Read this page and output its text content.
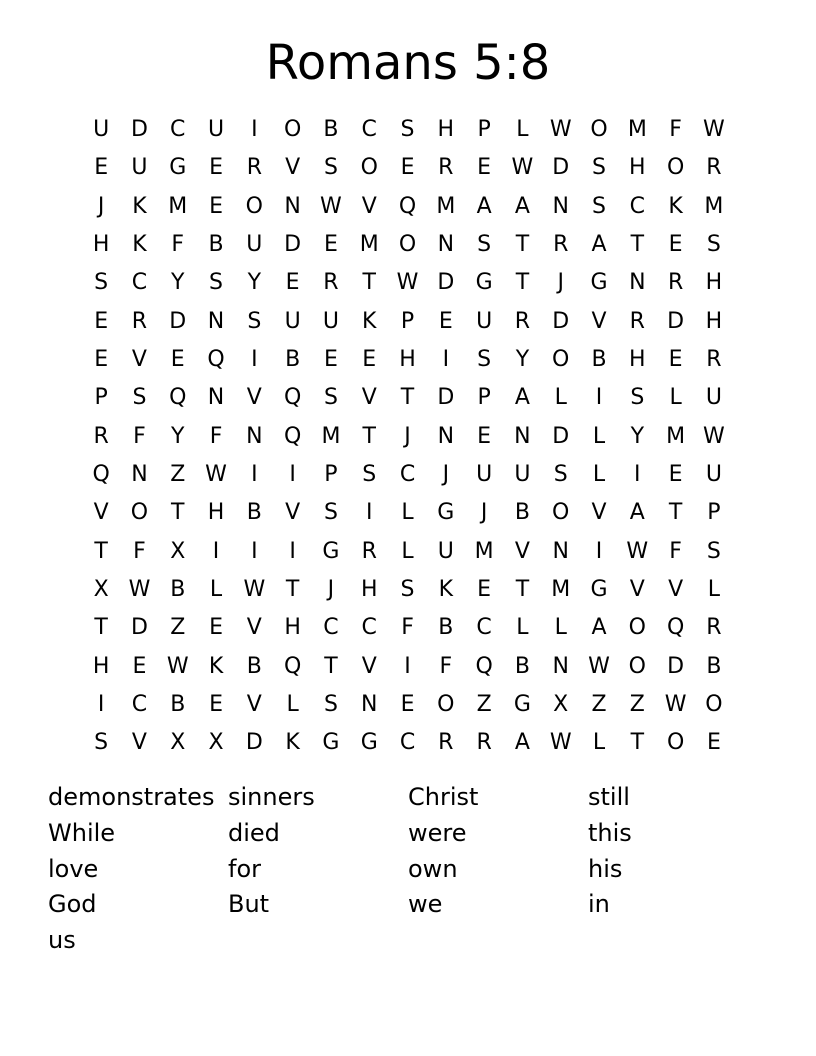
Romans 5:8
U D	C	U	I	O	B	C	S	H	P	L W O M	F W
E	U G	E	R	V	S	O	E	R	E W D	S	H O R
J	K M E	O N W V	Q M A	A	N	S	C	K M
H	K	F	B	U D	E M O N	S	T	R	A	T	E	S
S	C	Y	S	Y	E	R	T W D G	T	J	G N	R	H
E	R	D N	S	U	U	K	P	E	U	R	D	V	R	D H
E	V	E	Q	I	B	E	E	H	I	S	Y	O	B	H	E	R
P	S	Q N	V	Q	S	V	T	D	P	A	L	I	S	L	U
R	F	Y	F	N Q M	T	J	N	E	N D	L	Y	M W
Q N	Z W	I	I	P	S	C	J	U	U	S	L	I	E	U
V	O	T	H	B	V	S	I	L	G	J	B	O	V	A	T	P
T	F	X	I	I	I	G	R	L	U M V	N	I	W F	S
X W B	L W T	J	H	S	K	E	T	M G	V	V	L
T	D	Z	E	V	H	C	C	F	B	C	L	L	A	O Q R
H	E W K	B	Q	T	V	I	F	Q	B	N W O D	B
I	C	B	E	V	L	S	N	E	O	Z	G	X	Z	Z W O
S	V	X	X	D	K	G G	C	R	R	A W L	T	O	E
demonstrates sinners	Christ	still
While	died	were	this
love	for	own	his
God	But	we	in
us
